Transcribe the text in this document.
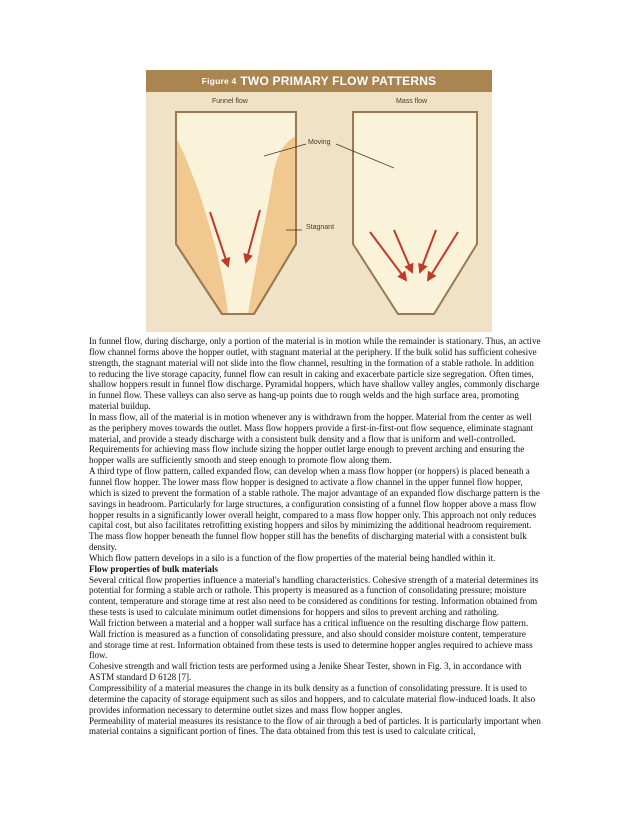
Figure 4 TWO PRIMARY FLOW PATTERNS
Funnel flow	Mass flow
Moving
Stagnant

In funnel flow, during discharge, only a portion of the material is in motion while the remainder is stationary. Thus, an active flow channel forms above the hopper outlet, with stagnant material at the periphery. If the bulk solid has sufficient cohesive strength, the stagnant material will not slide into the flow channel, resulting in the formation of a stable rathole. In addition to reducing the live storage capacity, funnel flow can result in caking and exacerbate particle size segregation. Often times, shallow hoppers result in funnel flow discharge. Pyramidal hoppers, which have shallow valley angles, commonly discharge in funnel flow. These valleys can also serve as hang-up points due to rough welds and the high surface area, promoting material buildup.

In mass flow, all of the material is in motion whenever any is withdrawn from the hopper. Material from the center as well as the periphery moves towards the outlet. Mass flow hoppers provide a first-in-first-out flow sequence, eliminate stagnant material, and provide a steady discharge with a consistent bulk density and a flow that is uniform and well-controlled. Requirements for achieving mass flow include sizing the hopper outlet large enough to prevent arching and ensuring the hopper walls are sufficiently smooth and steep enough to promote flow along them.

A third type of flow pattern, called expanded flow, can develop when a mass flow hopper (or hoppers) is placed beneath a funnel flow hopper. The lower mass flow hopper is designed to activate a flow channel in the upper funnel flow hopper, which is sized to prevent the formation of a stable rathole. The major advantage of an expanded flow discharge pattern is the savings in headroom. Particularly for large structures, a configuration consisting of a funnel flow hopper above a mass flow hopper results in a significantly lower overall height, compared to a mass flow hopper only. This approach not only reduces capital cost, but also facilitates retrofitting existing hoppers and silos by minimizing the additional headroom requirement. The mass flow hopper beneath the funnel flow hopper still has the benefits of discharging material with a consistent bulk density.

Which flow pattern develops in a silo is a function of the flow properties of the material being handled within it.

Flow properties of bulk materials

Several critical flow properties influence a material's handling characteristics. Cohesive strength of a material determines its potential for forming a stable arch or rathole. This property is measured as a function of consolidating pressure; moisture content, temperature and storage time at rest also need to be considered as conditions for testing. Information obtained from these tests is used to calculate minimum outlet dimensions for hoppers and silos to prevent arching and ratholing.

Wall friction between a material and a hopper wall surface has a critical influence on the resulting discharge flow pattern. Wall friction is measured as a function of consolidating pressure, and also should consider moisture content, temperature and storage time at rest. Information obtained from these tests is used to determine hopper angles required to achieve mass flow.

Cohesive strength and wall friction tests are performed using a Jenike Shear Tester, shown in Fig. 3, in accordance with ASTM standard D 6128 [7].

Compressibility of a material measures the change in its bulk density as a function of consolidating pressure. It is used to determine the capacity of storage equipment such as silos and hoppers, and to calculate material flow-induced loads. It also provides information necessary to determine outlet sizes and mass flow hopper angles.

Permeability of material measures its resistance to the flow of air through a bed of particles. It is particularly important when material contains a significant portion of fines. The data obtained from this test is used to calculate critical,
